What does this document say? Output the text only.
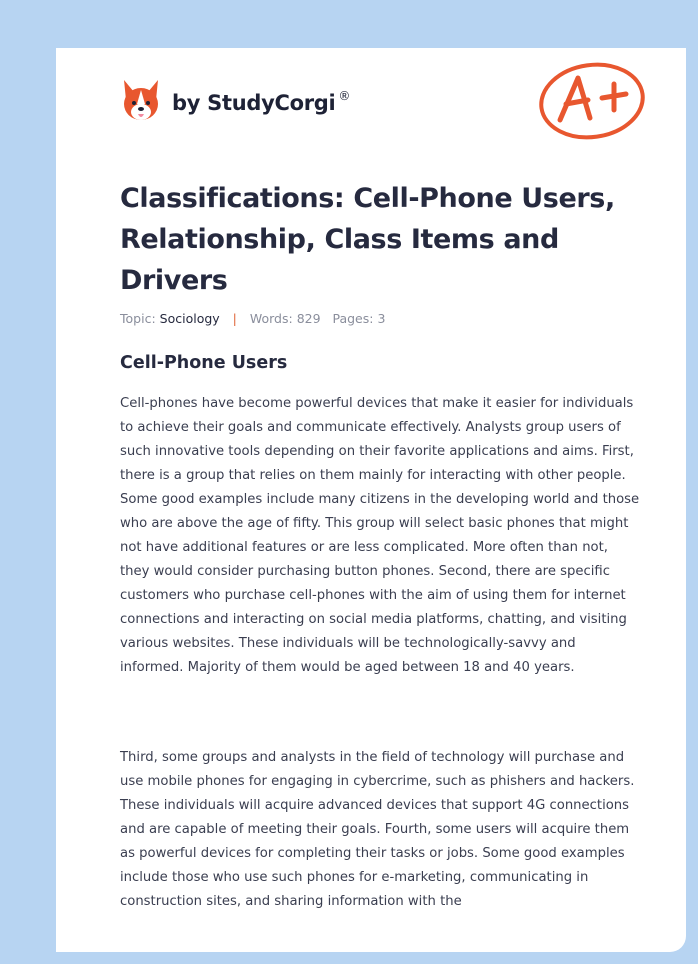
by StudyCorgi ®
Classifications: Cell-Phone Users, Relationship, Class Items and Drivers
Topic: Sociology | Words: 829 Pages: 3
Cell-Phone Users

Cell-phones have become powerful devices that make it easier for individuals to achieve their goals and communicate effectively. Analysts group users of such innovative tools depending on their favorite applications and aims. First, there is a group that relies on them mainly for interacting with other people. Some good examples include many citizens in the developing world and those who are above the age of fifty. This group will select basic phones that might not have additional features or are less complicated. More often than not, they would consider purchasing button phones. Second, there are specific customers who purchase cell-phones with the aim of using them for internet connections and interacting on social media platforms, chatting, and visiting various websites. These individuals will be technologically-savvy and informed. Majority of them would be aged between 18 and 40 years.

Third, some groups and analysts in the field of technology will purchase and use mobile phones for engaging in cybercrime, such as phishers and hackers. These individuals will acquire advanced devices that support 4G connections and are capable of meeting their goals. Fourth, some users will acquire them as powerful devices for completing their tasks or jobs. Some good examples include those who use such phones for e-marketing, communicating in construction sites, and sharing information with the
